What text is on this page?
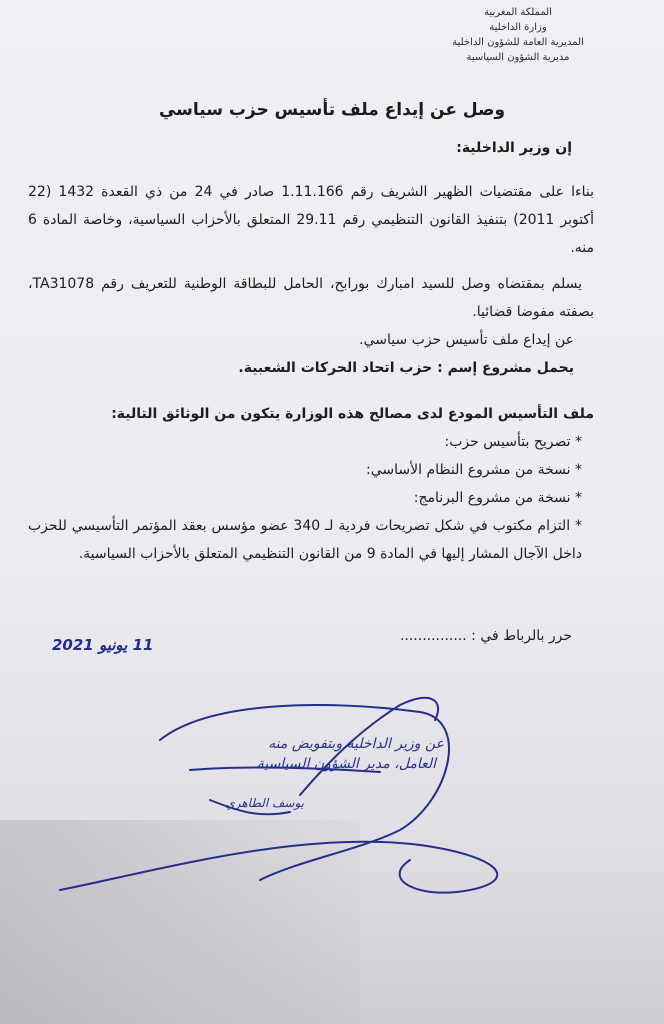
المملكة المغربية
وزارة الداخلية
المديرية العامة للشؤون الداخلية
مديرية الشؤون السياسية
وصل عن إيداع ملف تأسيس حزب سياسي
إن وزير الداخلية:

بناءا على مقتضيات الظهير الشريف رقم 1.11.166 صادر في 24 من ذي القعدة 1432 (22 أكتوبر 2011) بتنفيذ القانون التنظيمي رقم 29.11 المتعلق بالأحزاب السياسية، وخاصة المادة 6 منه.

يسلم بمقتضاه وصل للسيد امبارك بورابح، الحامل للبطاقة الوطنية للتعريف رقم TA31078، بصفته مفوضا قضائيا.

عن إيداع ملف تأسيس حزب سياسي.

يحمل مشروع إسم : حزب اتحاد الحركات الشعبية.

ملف التأسيس المودع لدى مصالح هذه الوزارة يتكون من الوثائق التالية:

* تصريح بتأسيس حزب:

* نسخة من مشروع النظام الأساسي:

* نسخة من مشروع البرنامج:

* التزام مكتوب في شكل تصريحات فردية لـ 340 عضو مؤسس بعقد المؤتمر التأسيسي للحزب داخل الآجال المشار إليها في المادة 9 من القانون التنظيمي المتعلق بالأحزاب السياسية.

حرر بالرباط في : ...............
11 يونيو 2021
عن وزير الداخلية وبتفويض منه
العامل، مدير الشؤون السياسية
يوسف الطاهري
